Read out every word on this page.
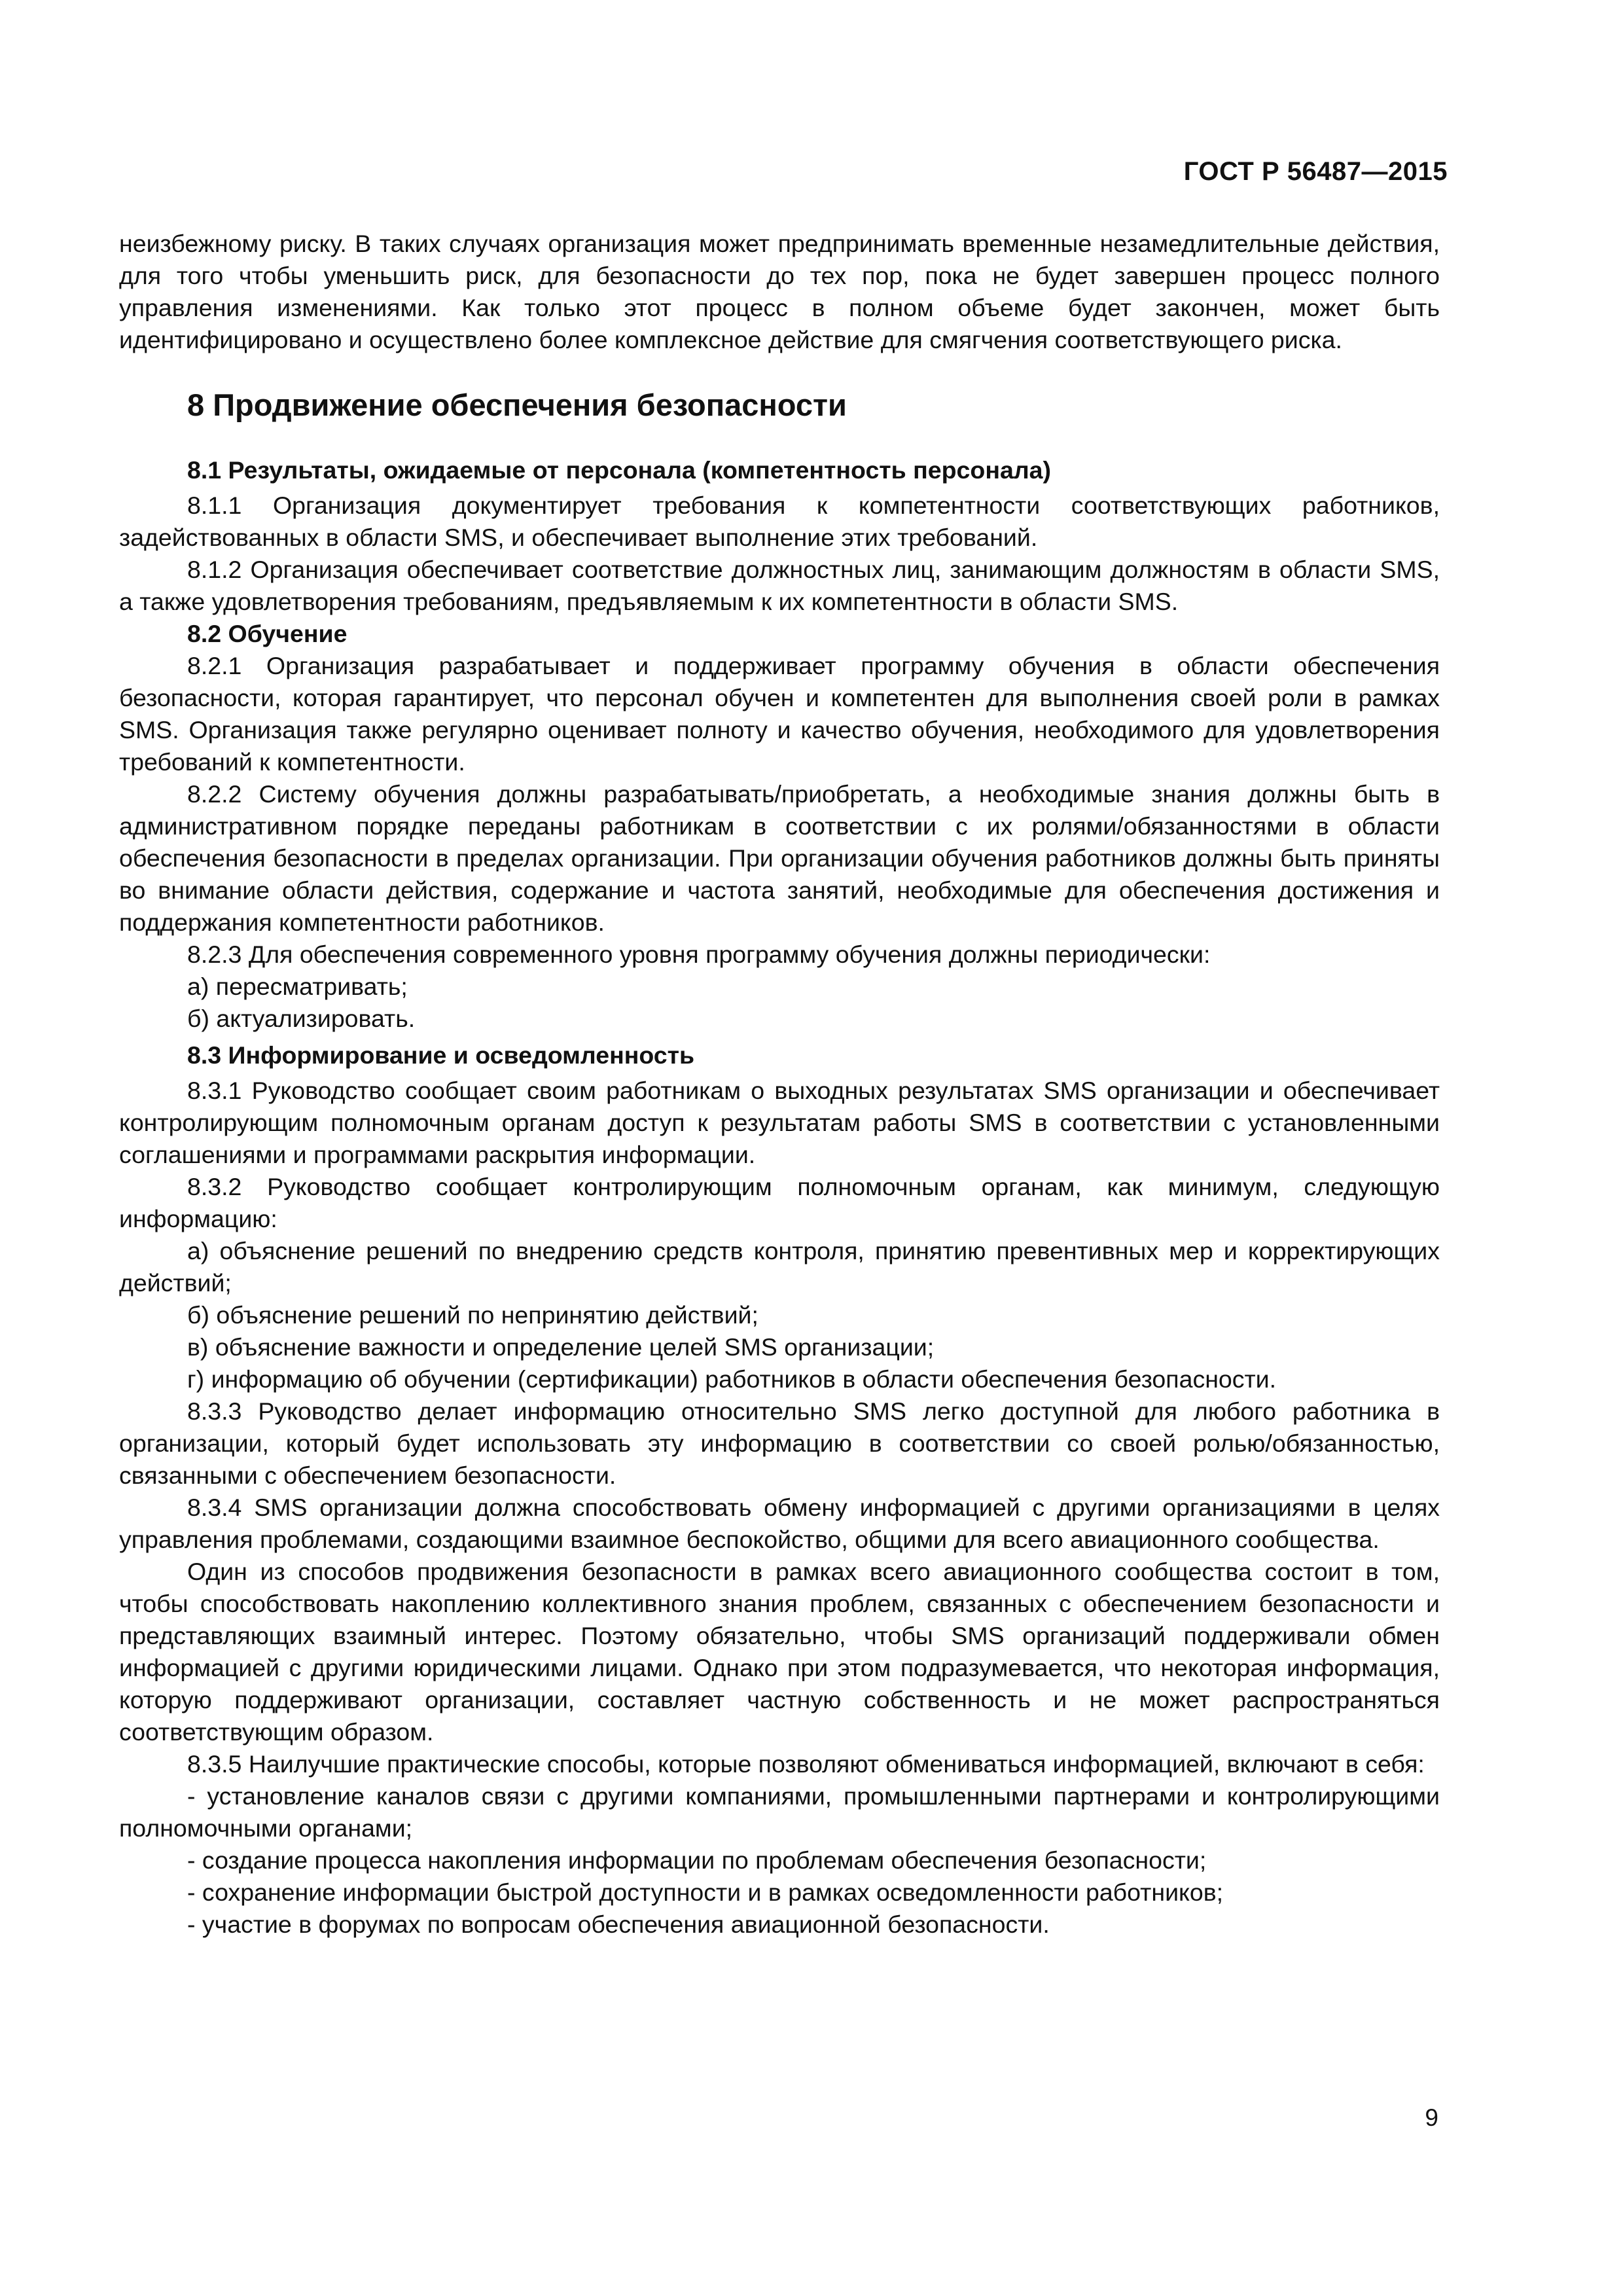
ГОСТ Р 56487—2015

неизбежному риску. В таких случаях организация может предпринимать временные незамедлительные действия, для того чтобы уменьшить риск, для безопасности до тех пор, пока не будет завершен процесс полного управления изменениями. Как только этот процесс в полном объеме будет закончен, может быть идентифицировано и осуществлено более комплексное действие для смягчения соответствующего риска.

8 Продвижение обеспечения безопасности
8.1 Результаты, ожидаемые от персонала (компетентность персонала)

8.1.1 Организация документирует требования к компетентности соответствующих работников, задействованных в области SMS, и обеспечивает выполнение этих требований.

8.1.2 Организация обеспечивает соответствие должностных лиц, занимающим должностям в области SMS, а также удовлетворения требованиям, предъявляемым к их компетентности в области SMS.

8.2 Обучение

8.2.1 Организация разрабатывает и поддерживает программу обучения в области обеспечения безопасности, которая гарантирует, что персонал обучен и компетентен для выполнения своей роли в рамках SMS. Организация также регулярно оценивает полноту и качество обучения, необходимого для удовлетворения требований к компетентности.

8.2.2 Систему обучения должны разрабатывать/приобретать, а необходимые знания должны быть в административном порядке переданы работникам в соответствии с их ролями/обязанностями в области обеспечения безопасности в пределах организации. При организации обучения работников должны быть приняты во внимание области действия, содержание и частота занятий, необходимые для обеспечения достижения и поддержания компетентности работников.

8.2.3 Для обеспечения современного уровня программу обучения должны периодически:

а) пересматривать;

б) актуализировать.

8.3 Информирование и осведомленность

8.3.1 Руководство сообщает своим работникам о выходных результатах SMS организации и обеспечивает контролирующим полномочным органам доступ к результатам работы SMS в соответствии с установленными соглашениями и программами раскрытия информации.

8.3.2 Руководство сообщает контролирующим полномочным органам, как минимум, следующую информацию:

а) объяснение решений по внедрению средств контроля, принятию превентивных мер и корректирующих действий;

б) объяснение решений по непринятию действий;

в) объяснение важности и определение целей SMS организации;

г) информацию об обучении (сертификации) работников в области обеспечения безопасности.

8.3.3 Руководство делает информацию относительно SMS легко доступной для любого работника в организации, который будет использовать эту информацию в соответствии со своей ролью/обязанностью, связанными с обеспечением безопасности.

8.3.4 SMS организации должна способствовать обмену информацией с другими организациями в целях управления проблемами, создающими взаимное беспокойство, общими для всего авиационного сообщества.

Один из способов продвижения безопасности в рамках всего авиационного сообщества состоит в том, чтобы способствовать накоплению коллективного знания проблем, связанных с обеспечением безопасности и представляющих взаимный интерес. Поэтому обязательно, чтобы SMS организаций поддерживали обмен информацией с другими юридическими лицами. Однако при этом подразумевается, что некоторая информация, которую поддерживают организации, составляет частную собственность и не может распространяться соответствующим образом.

8.3.5 Наилучшие практические способы, которые позволяют обмениваться информацией, включают в себя:

- установление каналов связи с другими компаниями, промышленными партнерами и контролирующими полномочными органами;

- создание процесса накопления информации по проблемам обеспечения безопасности;

- сохранение информации быстрой доступности и в рамках осведомленности работников;

- участие в форумах по вопросам обеспечения авиационной безопасности.

9
